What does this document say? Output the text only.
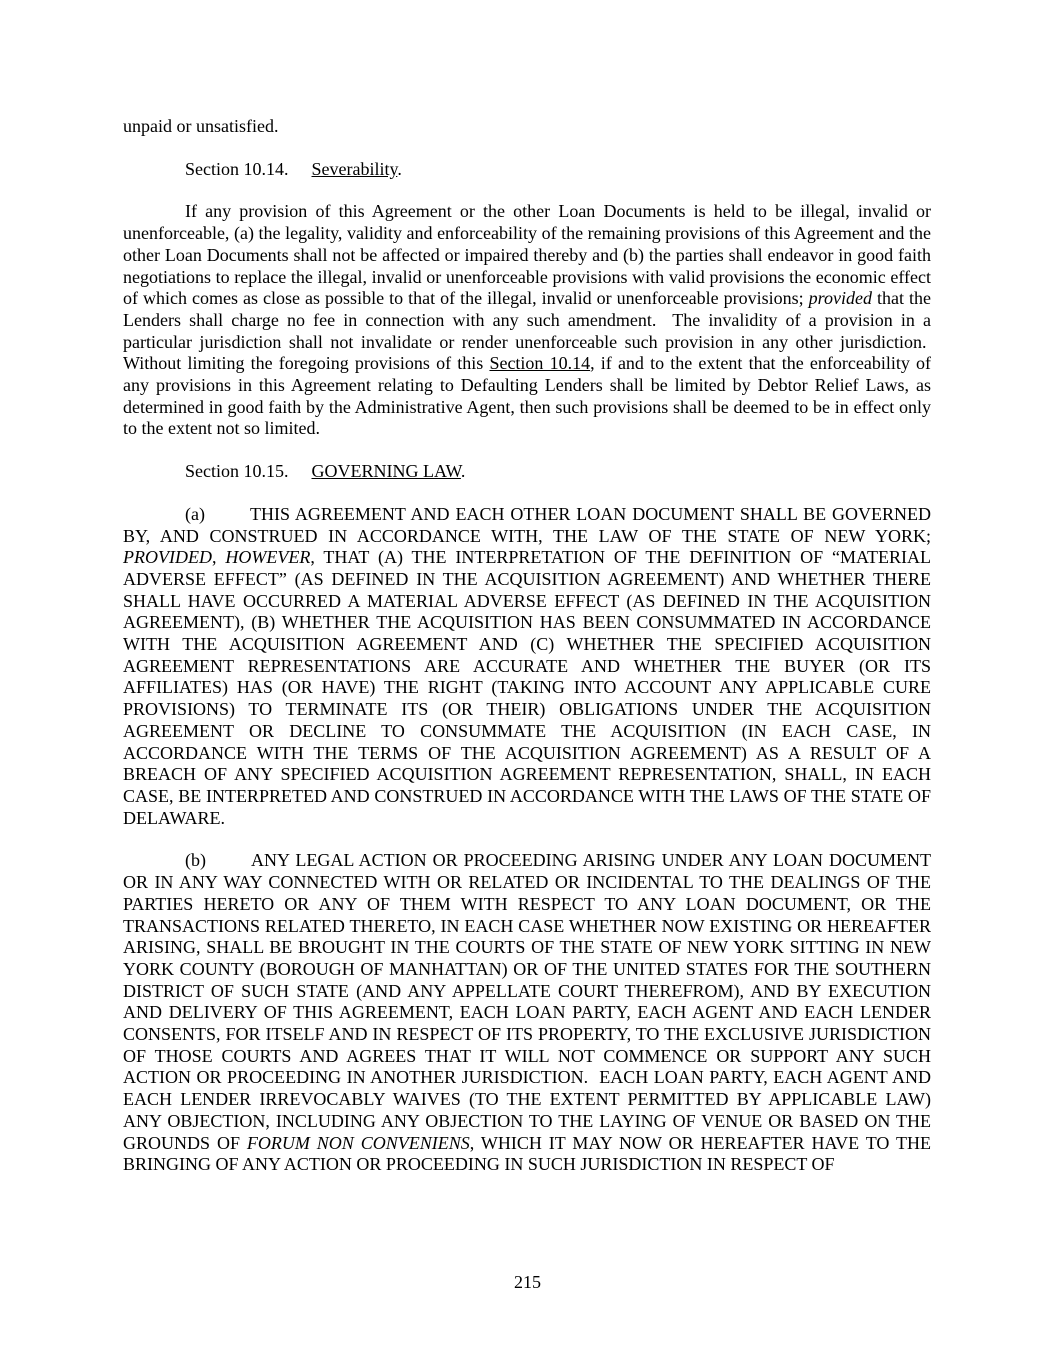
unpaid or unsatisfied.

Section 10.14. Severability.

If any provision of this Agreement or the other Loan Documents is held to be illegal, invalid or unenforceable, (a) the legality, validity and enforceability of the remaining provisions of this Agreement and the other Loan Documents shall not be affected or impaired thereby and (b) the parties shall endeavor in good faith negotiations to replace the illegal, invalid or unenforceable provisions with valid provisions the economic effect of which comes as close as possible to that of the illegal, invalid or unenforceable provisions; provided that the Lenders shall charge no fee in connection with any such amendment.  The invalidity of a provision in a particular jurisdiction shall not invalidate or render unenforceable such provision in any other jurisdiction.  Without limiting the foregoing provisions of this Section 10.14, if and to the extent that the enforceability of any provisions in this Agreement relating to Defaulting Lenders shall be limited by Debtor Relief Laws, as determined in good faith by the Administrative Agent, then such provisions shall be deemed to be in effect only to the extent not so limited.

Section 10.15. GOVERNING LAW.

(a)	THIS AGREEMENT AND EACH OTHER LOAN DOCUMENT SHALL BE GOVERNED BY, AND CONSTRUED IN ACCORDANCE WITH, THE LAW OF THE STATE OF NEW YORK; PROVIDED, HOWEVER, THAT (A) THE INTERPRETATION OF THE DEFINITION OF “MATERIAL ADVERSE EFFECT” (AS DEFINED IN THE ACQUISITION AGREEMENT) AND WHETHER THERE SHALL HAVE OCCURRED A MATERIAL ADVERSE EFFECT (AS DEFINED IN THE ACQUISITION AGREEMENT), (B) WHETHER THE ACQUISITION HAS BEEN CONSUMMATED IN ACCORDANCE WITH THE ACQUISITION AGREEMENT AND (C) WHETHER THE SPECIFIED ACQUISITION AGREEMENT REPRESENTATIONS ARE ACCURATE AND WHETHER THE BUYER (OR ITS AFFILIATES) HAS (OR HAVE) THE RIGHT (TAKING INTO ACCOUNT ANY APPLICABLE CURE PROVISIONS) TO TERMINATE ITS (OR THEIR) OBLIGATIONS UNDER THE ACQUISITION AGREEMENT OR DECLINE TO CONSUMMATE THE ACQUISITION (IN EACH CASE, IN ACCORDANCE WITH THE TERMS OF THE ACQUISITION AGREEMENT) AS A RESULT OF A BREACH OF ANY SPECIFIED ACQUISITION AGREEMENT REPRESENTATION, SHALL, IN EACH CASE, BE INTERPRETED AND CONSTRUED IN ACCORDANCE WITH THE LAWS OF THE STATE OF DELAWARE.

(b)	ANY LEGAL ACTION OR PROCEEDING ARISING UNDER ANY LOAN DOCUMENT OR IN ANY WAY CONNECTED WITH OR RELATED OR INCIDENTAL TO THE DEALINGS OF THE PARTIES HERETO OR ANY OF THEM WITH RESPECT TO ANY LOAN DOCUMENT, OR THE TRANSACTIONS RELATED THERETO, IN EACH CASE WHETHER NOW EXISTING OR HEREAFTER ARISING, SHALL BE BROUGHT IN THE COURTS OF THE STATE OF NEW YORK SITTING IN NEW YORK COUNTY (BOROUGH OF MANHATTAN) OR OF THE UNITED STATES FOR THE SOUTHERN DISTRICT OF SUCH STATE (AND ANY APPELLATE COURT THEREFROM), AND BY EXECUTION AND DELIVERY OF THIS AGREEMENT, EACH LOAN PARTY, EACH AGENT AND EACH LENDER CONSENTS, FOR ITSELF AND IN RESPECT OF ITS PROPERTY, TO THE EXCLUSIVE JURISDICTION OF THOSE COURTS AND AGREES THAT IT WILL NOT COMMENCE OR SUPPORT ANY SUCH ACTION OR PROCEEDING IN ANOTHER JURISDICTION.  EACH LOAN PARTY, EACH AGENT AND EACH LENDER IRREVOCABLY WAIVES (TO THE EXTENT PERMITTED BY APPLICABLE LAW) ANY OBJECTION, INCLUDING ANY OBJECTION TO THE LAYING OF VENUE OR BASED ON THE GROUNDS OF FORUM NON CONVENIENS, WHICH IT MAY NOW OR HEREAFTER HAVE TO THE BRINGING OF ANY ACTION OR PROCEEDING IN SUCH JURISDICTION IN RESPECT OF

215
